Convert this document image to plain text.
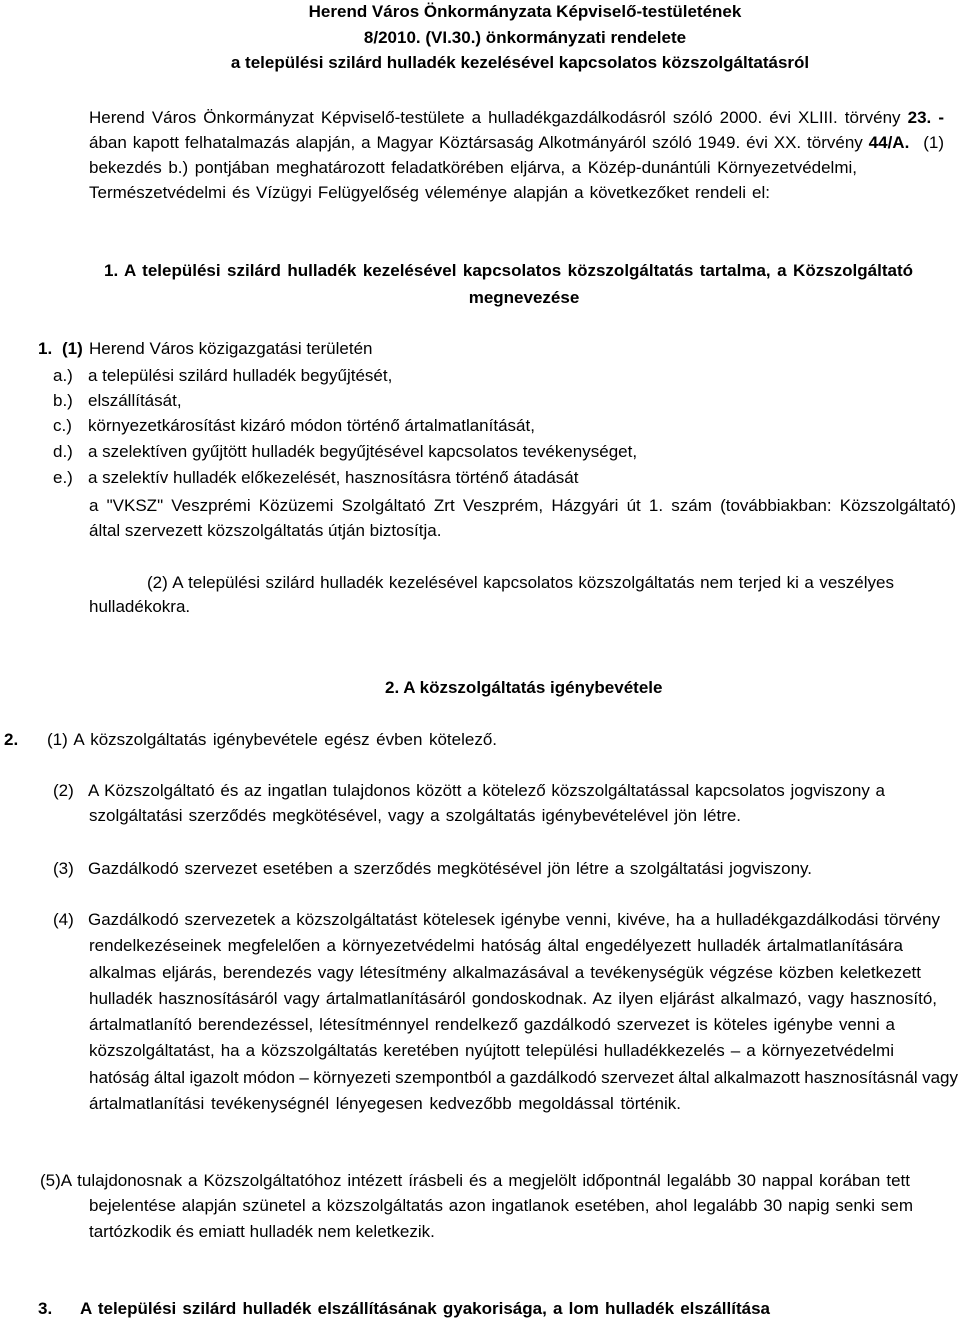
Herend Város Önkormányzata Képviselő-testületének
8/2010. (VI.30.) önkormányzati rendelete
a települési szilárd hulladék kezelésével kapcsolatos közszolgáltatásról
Herend Város Önkormányzat Képviselő-testülete a hulladékgazdálkodásról szóló 2000. évi XLIII. törvény 23. -
ában kapott felhatalmazás alapján, a Magyar Köztársaság Alkotmányáról szóló 1949. évi XX. törvény 44/A. (1)
bekezdés b.) pontjában meghatározott feladatkörében eljárva, a Közép-dunántúli Környezetvédelmi,
Természetvédelmi és Vízügyi Felügyelőség véleménye alapján a következőket rendeli el:
1. A települési szilárd hulladék kezelésével kapcsolatos közszolgáltatás tartalma, a Közszolgáltató
megnevezése
1. (1) Herend Város közigazgatási területén
a.) a települési szilárd hulladék begyűjtését,
b.) elszállítását,
c.) környezetkárosítást kizáró módon történő ártalmatlanítását,
d.) a szelektíven gyűjtött hulladék begyűjtésével kapcsolatos tevékenységet,
e.) a szelektív hulladék előkezelését, hasznosításra történő átadását
a "VKSZ" Veszprémi Közüzemi Szolgáltató Zrt Veszprém, Házgyári út 1. szám (továbbiakban: Közszolgáltató)
által szervezett közszolgáltatás útján biztosítja.
(2) A települési szilárd hulladék kezelésével kapcsolatos közszolgáltatás nem terjed ki a veszélyes
hulladékokra.
2. A közszolgáltatás igénybevétele
2. (1) A közszolgáltatás igénybevétele egész évben kötelező.
(2) A Közszolgáltató és az ingatlan tulajdonos között a kötelező közszolgáltatással kapcsolatos jogviszony a
szolgáltatási szerződés megkötésével, vagy a szolgáltatás igénybevételével jön létre.
(3) Gazdálkodó szervezet esetében a szerződés megkötésével jön létre a szolgáltatási jogviszony.
(4) Gazdálkodó szervezetek a közszolgáltatást kötelesek igénybe venni, kivéve, ha a hulladékgazdálkodási törvény
rendelkezéseinek megfelelően a környezetvédelmi hatóság által engedélyezett hulladék ártalmatlanítására
alkalmas eljárás, berendezés vagy létesítmény alkalmazásával a tevékenységük végzése közben keletkezett
hulladék hasznosításáról vagy ártalmatlanításáról gondoskodnak. Az ilyen eljárást alkalmazó, vagy hasznosító,
ártalmatlanító berendezéssel, létesítménnyel rendelkező gazdálkodó szervezet is köteles igénybe venni a
közszolgáltatást, ha a közszolgáltatás keretében nyújtott települési hulladékkezelés – a környezetvédelmi
hatóság által igazolt módon – környezeti szempontból a gazdálkodó szervezet által alkalmazott hasznosításnál vagy
ártalmatlanítási tevékenységnél lényegesen kedvezőbb megoldással történik.
(5)A tulajdonosnak a Közszolgáltatóhoz intézett írásbeli és a megjelölt időpontnál legalább 30 nappal korában tett
bejelentése alapján szünetel a közszolgáltatás azon ingatlanok esetében, ahol legalább 30 napig senki sem
tartózkodik és emiatt hulladék nem keletkezik.
3. A települési szilárd hulladék elszállításának gyakorisága, a lom hulladék elszállítása
